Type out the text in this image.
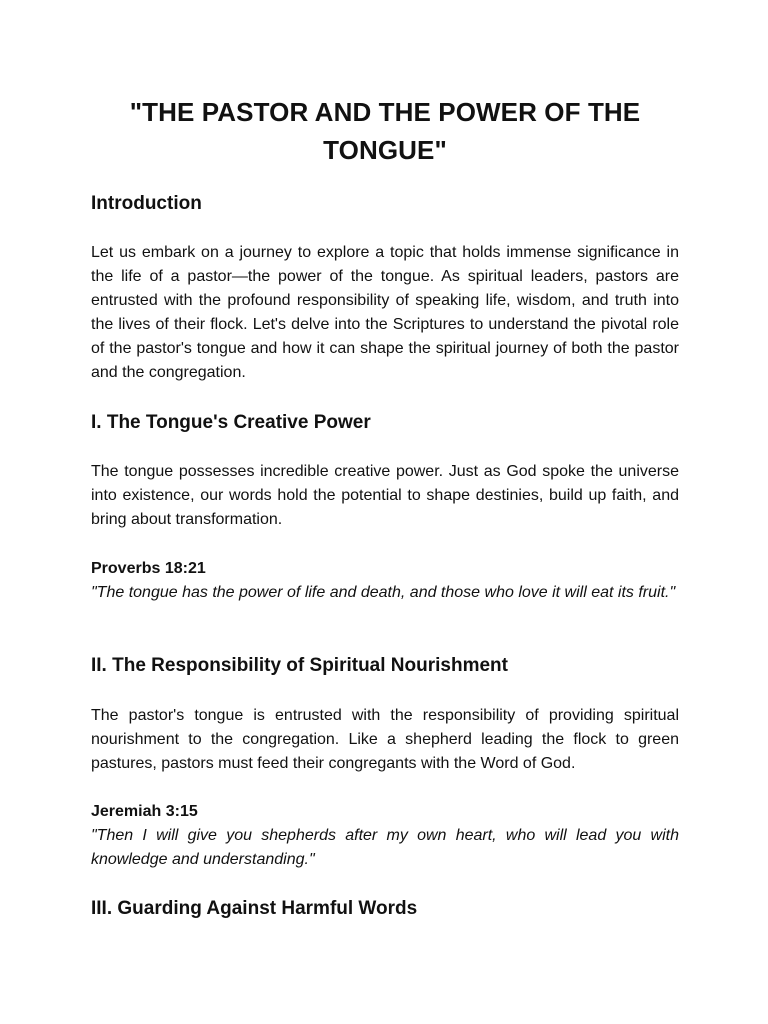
"THE PASTOR AND THE POWER OF THE TONGUE"
Introduction

Let us embark on a journey to explore a topic that holds immense significance in the life of a pastor—the power of the tongue. As spiritual leaders, pastors are entrusted with the profound responsibility of speaking life, wisdom, and truth into the lives of their flock. Let's delve into the Scriptures to understand the pivotal role of the pastor's tongue and how it can shape the spiritual journey of both the pastor and the congregation.

I. The Tongue's Creative Power

The tongue possesses incredible creative power. Just as God spoke the universe into existence, our words hold the potential to shape destinies, build up faith, and bring about transformation.

Proverbs 18:21

"The tongue has the power of life and death, and those who love it will eat its fruit."

II. The Responsibility of Spiritual Nourishment

The pastor's tongue is entrusted with the responsibility of providing spiritual nourishment to the congregation. Like a shepherd leading the flock to green pastures, pastors must feed their congregants with the Word of God.

Jeremiah 3:15

"Then I will give you shepherds after my own heart, who will lead you with knowledge and understanding."

III. Guarding Against Harmful Words
